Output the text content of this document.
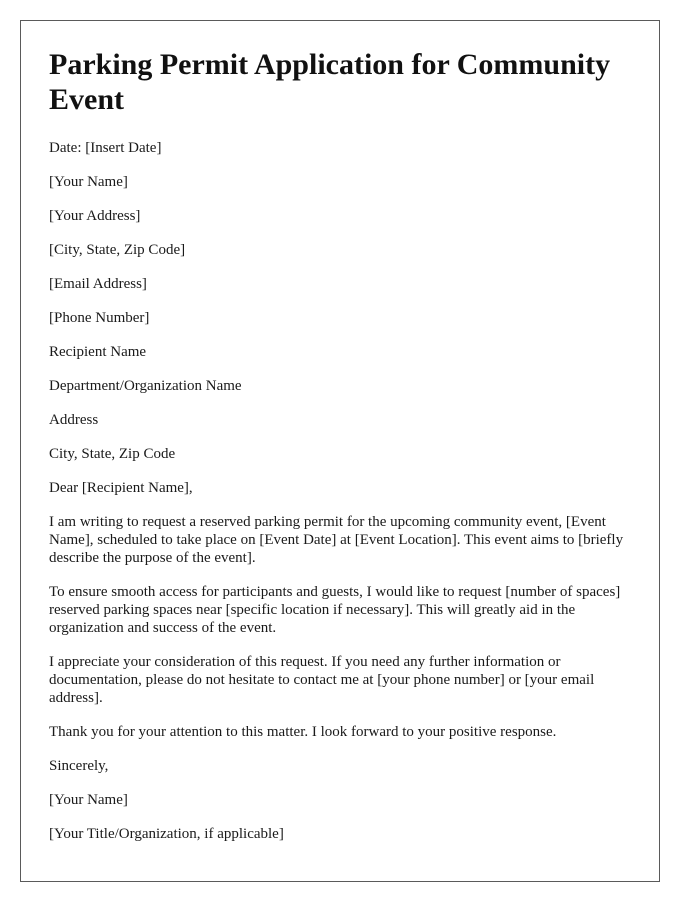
Parking Permit Application for Community Event
Date: [Insert Date]
[Your Name]
[Your Address]
[City, State, Zip Code]
[Email Address]
[Phone Number]
Recipient Name
Department/Organization Name
Address
City, State, Zip Code
Dear [Recipient Name],

I am writing to request a reserved parking permit for the upcoming community event, [Event Name], scheduled to take place on [Event Date] at [Event Location]. This event aims to [briefly describe the purpose of the event].

To ensure smooth access for participants and guests, I would like to request [number of spaces] reserved parking spaces near [specific location if necessary]. This will greatly aid in the organization and success of the event.

I appreciate your consideration of this request. If you need any further information or documentation, please do not hesitate to contact me at [your phone number] or [your email address].

Thank you for your attention to this matter. I look forward to your positive response.

Sincerely,
[Your Name]
[Your Title/Organization, if applicable]
